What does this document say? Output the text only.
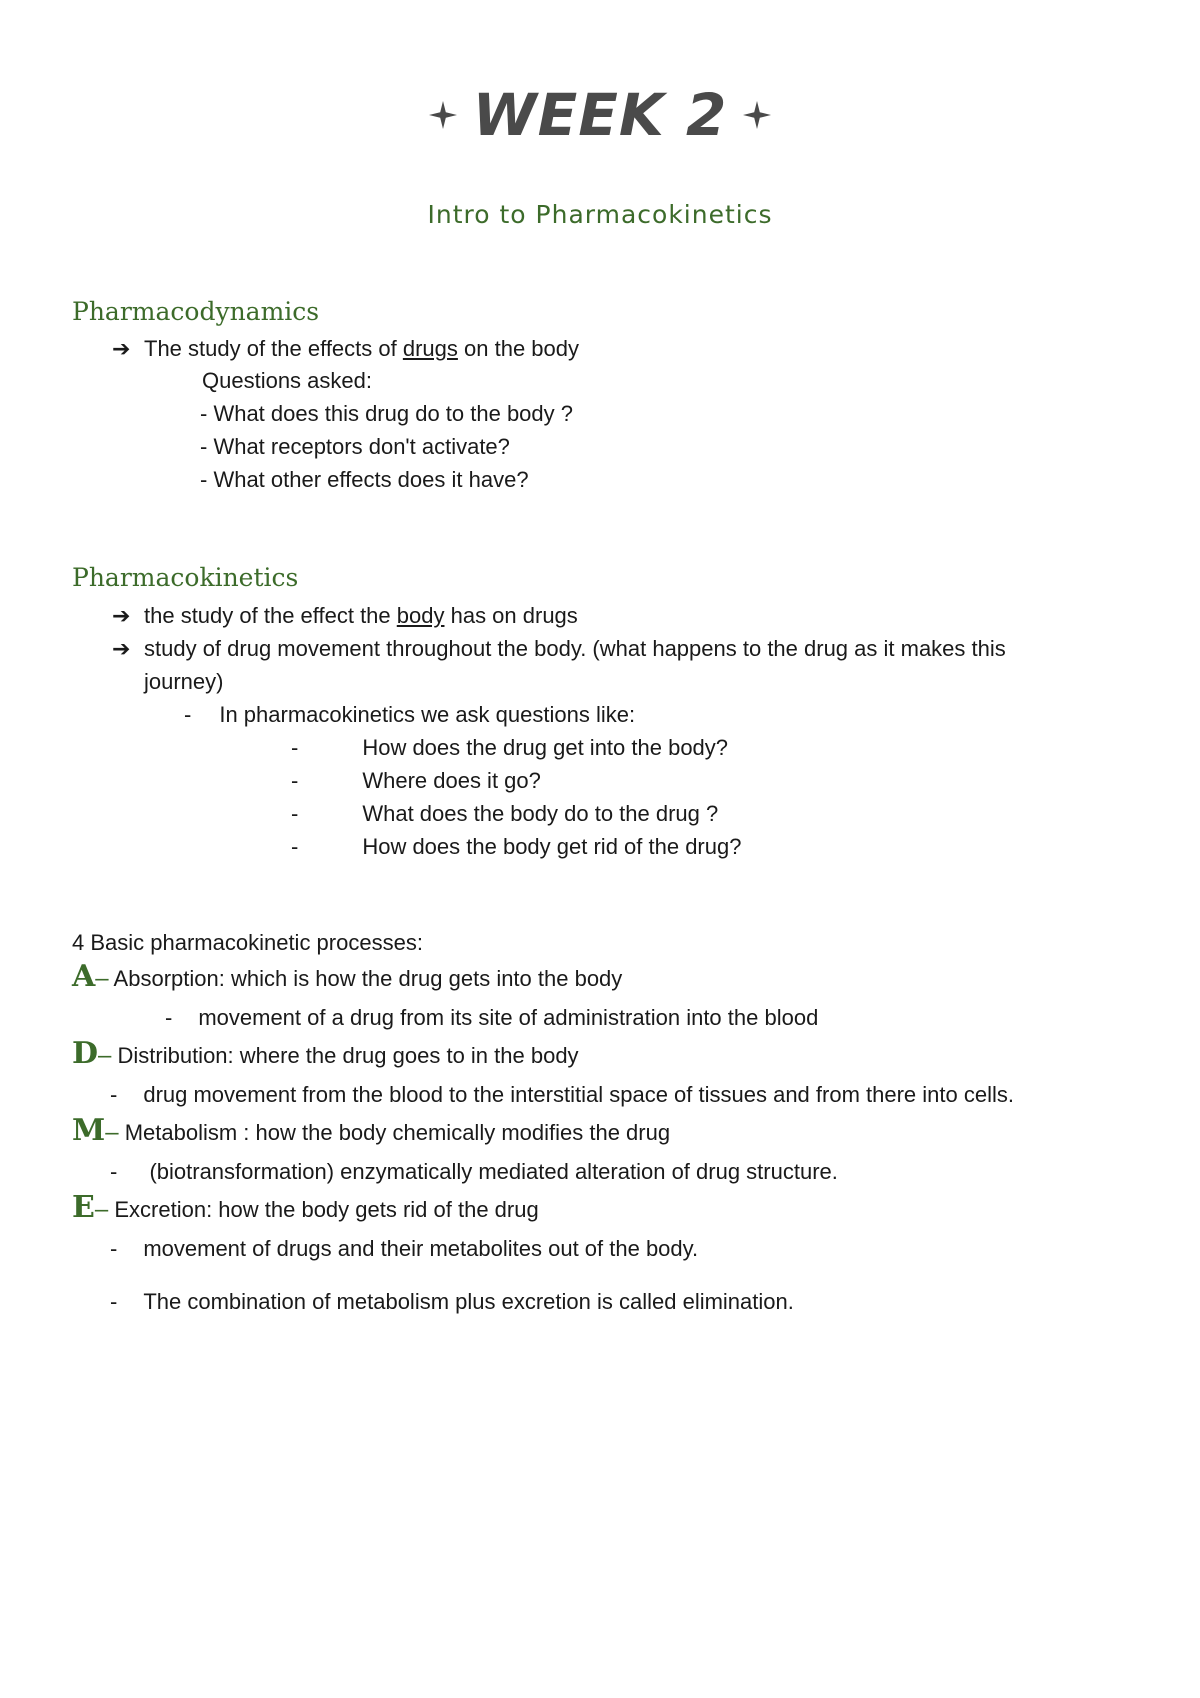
WEEK 2
Intro to Pharmacokinetics
Pharmacodynamics
➔ The study of the effects of drugs on the body
Questions asked:
- What does this drug do to the body ?
- What receptors don't activate?
- What other effects does it have?
Pharmacokinetics
➔ the study of the effect the body has on drugs
➔ study of drug movement throughout the body. (what happens to the drug as it makes this
journey)
- In pharmacokinetics we ask questions like:
-	How does the drug get into the body?
-	Where does it go?
-	What does the body do to the drug ?
-	How does the body get rid of the drug?
4 Basic pharmacokinetic processes:
A– Absorption: which is how the drug gets into the body
- movement of a drug from its site of administration into the blood
D– Distribution: where the drug goes to in the body
- drug movement from the blood to the interstitial space of tissues and from there into cells.
M– Metabolism : how the body chemically modifies the drug
- (biotransformation) enzymatically mediated alteration of drug structure.
E– Excretion: how the body gets rid of the drug
- movement of drugs and their metabolites out of the body.
- The combination of metabolism plus excretion is called elimination.
